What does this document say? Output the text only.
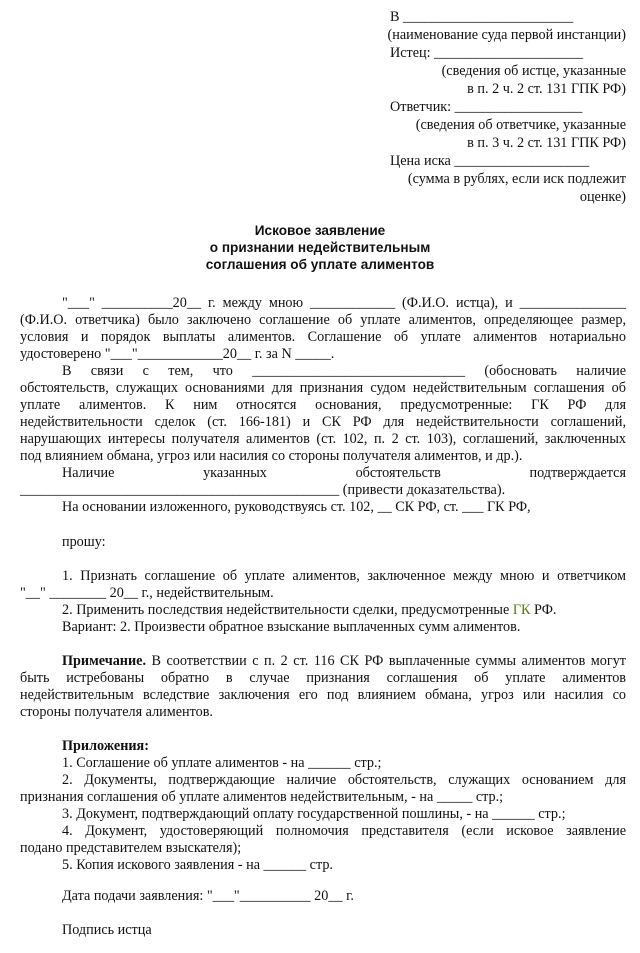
В ________________________
(наименование суда первой инстанции)
Истец: _____________________
(сведения об истце, указанные
в п. 2 ч. 2 ст. 131 ГПК РФ)
Ответчик: __________________
(сведения об ответчике, указанные
в п. 3 ч. 2 ст. 131 ГПК РФ)
Цена иска ___________________
(сумма в рублях, если иск подлежит
оценке)
Исковое заявление
о признании недействительным
соглашения об уплате алиментов
"___" __________20__ г. между мною ____________ (Ф.И.О. истца), и _______________
(Ф.И.О. ответчика) было заключено соглашение об уплате алиментов, определяющее размер,
условия и порядок выплаты алиментов. Соглашение об уплате алиментов нотариально
удостоверено "___"____________20__ г. за N _____.
В связи с тем, что ______________________________ (обосновать наличие
обстоятельств, служащих основаниями для признания судом недействительным соглашения об
уплате алиментов. К ним относятся основания, предусмотренные: ГК РФ для
недействительности сделок (ст. 166-181) и СК РФ для недействительности соглашений,
нарушающих интересы получателя алиментов (ст. 102, п. 2 ст. 103), соглашений, заключенных
под влиянием обмана, угроз или насилия со стороны получателя алиментов, и др.).
Наличие указанных обстоятельств подтверждается
_____________________________________________ (привести доказательства).
На основании изложенного, руководствуясь ст. 102, __ СК РФ, ст. ___ ГК РФ,
прошу:
1. Признать соглашение об уплате алиментов, заключенное между мною и ответчиком
"__" ________ 20__ г., недействительным.
2. Применить последствия недействительности сделки, предусмотренные ГК РФ.
Вариант: 2. Произвести обратное взыскание выплаченных сумм алиментов.
Примечание. В соответствии с п. 2 ст. 116 СК РФ выплаченные суммы алиментов могут
быть истребованы обратно в случае признания соглашения об уплате алиментов
недействительным вследствие заключения его под влиянием обмана, угроз или насилия со
стороны получателя алиментов.
Приложения:
1. Соглашение об уплате алиментов - на ______ стр.;
2. Документы, подтверждающие наличие обстоятельств, служащих основанием для
признания соглашения об уплате алиментов недействительным, - на _____ стр.;
3. Документ, подтверждающий оплату государственной пошлины, - на ______ стр.;
4. Документ, удостоверяющий полномочия представителя (если исковое заявление
подано представителем взыскателя);
5. Копия искового заявления - на ______ стр.
Дата подачи заявления: "___"__________ 20__ г.
Подпись истца
